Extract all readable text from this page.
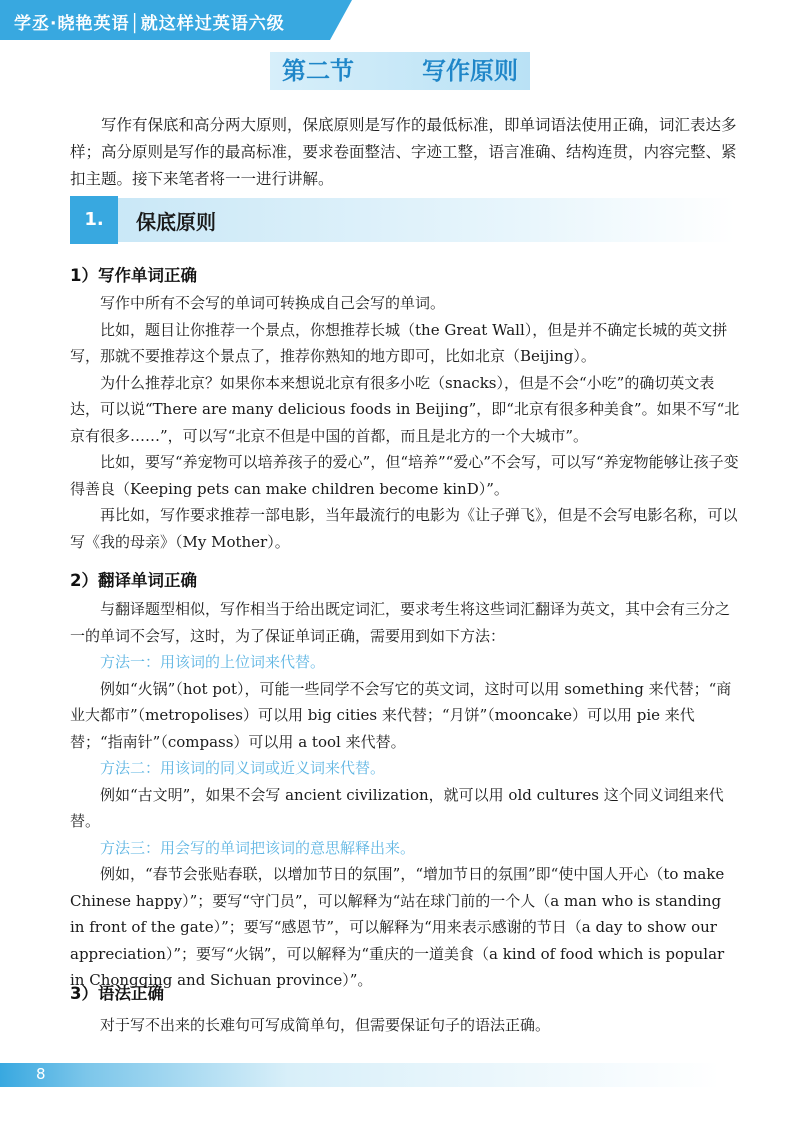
学丞·晓艳英语│就这样过英语六级
第二节	写作原则

写作有保底和高分两大原则，保底原则是写作的最低标准，即单词语法使用正确，词汇表达多样；高分原则是写作的最高标准，要求卷面整洁、字迹工整，语言准确、结构连贯，内容完整、紧扣主题。接下来笔者将一一进行讲解。

1.	保底原则
1）写作单词正确

写作中所有不会写的单词可转换成自己会写的单词。

比如，题目让你推荐一个景点，你想推荐长城（the Great Wall），但是并不确定长城的英文拼写，那就不要推荐这个景点了，推荐你熟知的地方即可，比如北京（Beijing）。

为什么推荐北京？如果你本来想说北京有很多小吃（snacks），但是不会“小吃”的确切英文表达，可以说“There are many delicious foods in Beijing”，即“北京有很多种美食”。如果不写“北京有很多……”，可以写“北京不但是中国的首都，而且是北方的一个大城市”。

比如，要写“养宠物可以培养孩子的爱心”，但“培养”“爱心”不会写，可以写“养宠物能够让孩子变得善良（Keeping pets can make children become kinD）”。

再比如，写作要求推荐一部电影，当年最流行的电影为《让子弹飞》，但是不会写电影名称，可以写《我的母亲》（My Mother）。

2）翻译单词正确

与翻译题型相似，写作相当于给出既定词汇，要求考生将这些词汇翻译为英文，其中会有三分之一的单词不会写，这时，为了保证单词正确，需要用到如下方法：

方法一：用该词的上位词来代替。

例如“火锅”（hot pot），可能一些同学不会写它的英文词，这时可以用 something 来代替；“商业大都市”（metropolises）可以用 big cities 来代替；“月饼”（mooncake）可以用 pie 来代替；“指南针”（compass）可以用 a tool 来代替。

方法二：用该词的同义词或近义词来代替。

例如“古文明”，如果不会写 ancient civilization，就可以用 old cultures 这个同义词组来代替。

方法三：用会写的单词把该词的意思解释出来。

例如，“春节会张贴春联，以增加节日的氛围”，“增加节日的氛围”即“使中国人开心（to make Chinese happy）”；要写“守门员”，可以解释为“站在球门前的一个人（a man who is standing in front of the gate）”；要写“感恩节”，可以解释为“用来表示感谢的节日（a day to show our appreciation）”；要写“火锅”，可以解释为“重庆的一道美食（a kind of food which is popular in Chongqing and Sichuan province）”。

3）语法正确

对于写不出来的长难句可写成简单句，但需要保证句子的语法正确。

8
